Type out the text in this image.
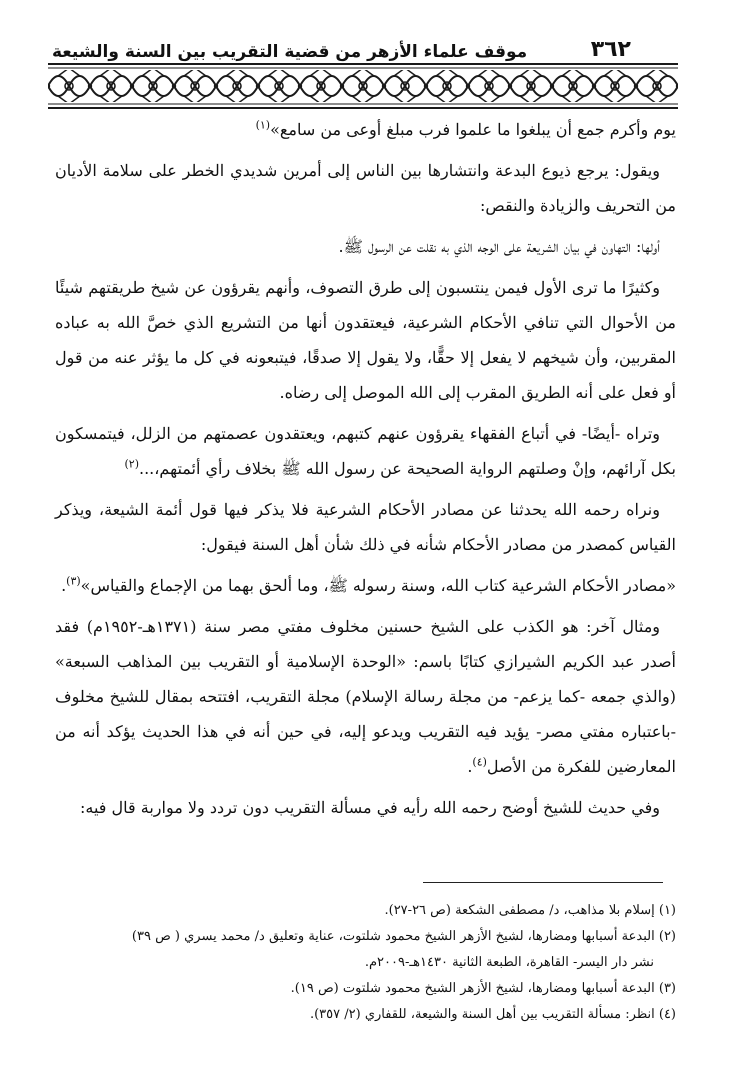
٣٦٢
موقف علماء الأزهر من قضية التقريب بين السنة والشيعة

يوم وأكرم جمع أن يبلغوا ما علموا فرب مبلغ أوعى من سامع»$^{(١)}$

ويقول: يرجع ذيوع البدعة وانتشارها بين الناس إلى أمرين شديدي الخطر على سلامة الأديان من التحريف والزيادة والنقص:

أولها: التهاون في بيان الشريعة على الوجه الذي به نقلت عن الرسول ﷺ.

وكثيرًا ما ترى الأول فيمن ينتسبون إلى طرق التصوف، وأنهم يقرؤون عن شيخ طريقتهم شيئًا من الأحوال التي تنافي الأحكام الشرعية، فيعتقدون أنها من التشريع الذي خصَّ الله به عباده المقربين، وأن شيخهم لا يفعل إلا حقًّا، ولا يقول إلا صدقًا، فيتبعونه في كل ما يؤثر عنه من قول أو فعل على أنه الطريق المقرب إلى الله الموصل إلى رضاه.

وتراه -أيضًا- في أتباع الفقهاء يقرؤون عنهم كتبهم، ويعتقدون عصمتهم من الزلل، فيتمسكون بكل آرائهم، وإنْ وصلتهم الرواية الصحيحة عن رسول الله ﷺ بخلاف رأي أئمتهم،...$^{(٢)}$

ونراه رحمه الله يحدثنا عن مصادر الأحكام الشرعية فلا يذكر فيها قول أئمة الشيعة، ويذكر القياس كمصدر من مصادر الأحكام شأنه في ذلك شأن أهل السنة فيقول:

«مصادر الأحكام الشرعية كتاب الله، وسنة رسوله ﷺ، وما ألحق بهما من الإجماع والقياس»$^{(٣)}$.

ومثال آخر: هو الكذب على الشيخ حسنين مخلوف مفتي مصر سنة (١٣٧١هـ-١٩٥٢م) فقد أصدر عبد الكريم الشيرازي كتابًا باسم: «الوحدة الإسلامية أو التقريب بين المذاهب السبعة» (والذي جمعه -كما يزعم- من مجلة رسالة الإسلام) مجلة التقريب، افتتحه بمقال للشيخ مخلوف -باعتباره مفتي مصر- يؤيد فيه التقريب ويدعو إليه، في حين أنه في هذا الحديث يؤكد أنه من المعارضين للفكرة من الأصل$^{(٤)}$.

وفي حديث للشيخ أوضح رحمه الله رأيه في مسألة التقريب دون تردد ولا مواربة قال فيه:

(١) إسلام بلا مذاهب، د/ مصطفى الشكعة (ص ٢٦-٢٧).

(٢) البدعة أسبابها ومضارها، لشيخ الأزهر الشيخ محمود شلتوت، عناية وتعليق د/ محمد يسري ( ص ٣٩)

نشر دار اليسر- القاهرة، الطبعة الثانية ١٤٣٠هـ-٢٠٠٩م.

(٣) البدعة أسبابها ومضارها، لشيخ الأزهر الشيخ محمود شلتوت (ص ١٩).

(٤) انظر: مسألة التقريب بين أهل السنة والشيعة، للقفاري (٢/ ٣٥٧).
